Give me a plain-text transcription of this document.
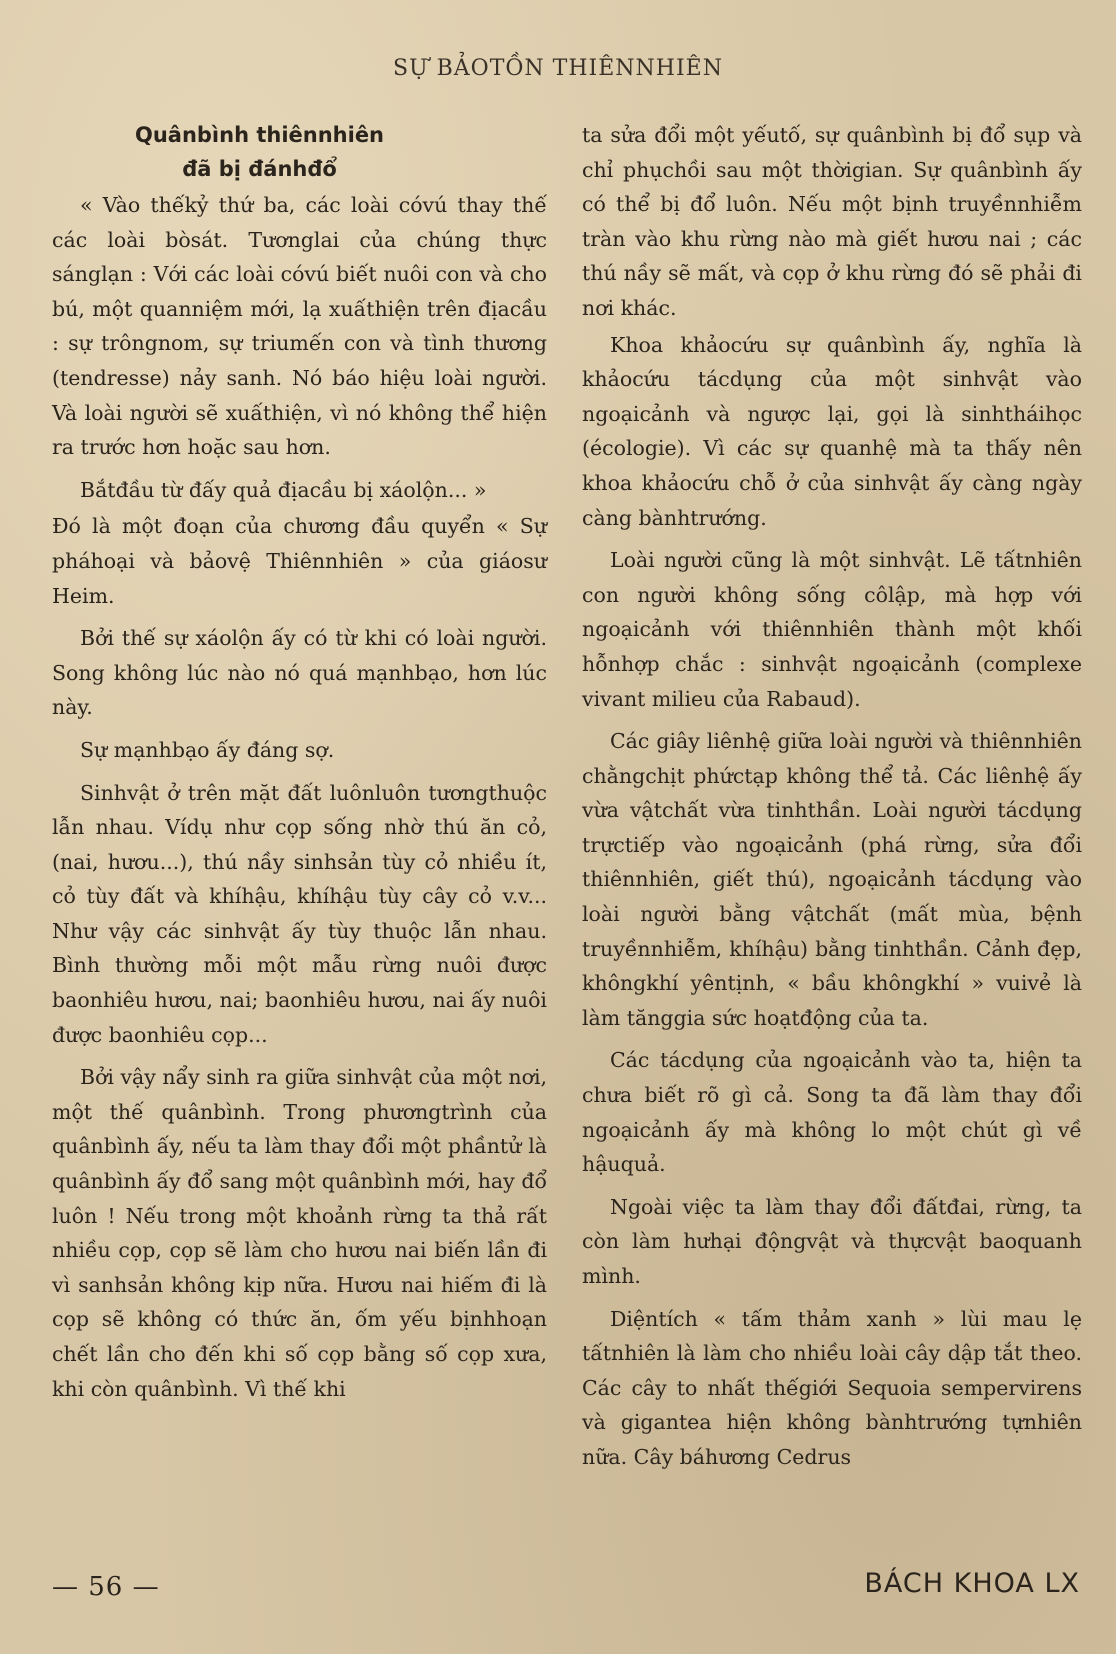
SỰ BẢOTỒN THIÊNNHIÊN
Quânbình thiênnhiên
đã bị đánhđổ

« Vào thếkỷ thứ ba, các loài cóvú thay thế các loài bòsát. Tươnglai của chúng thực sánglạn : Với các loài cóvú biết nuôi con và cho bú, một quanniệm mới, lạ xuấthiện trên địacầu : sự trôngnom, sự triumến con và tình thương (tendresse) nảy sanh. Nó báo hiệu loài người. Và loài người sẽ xuấthiện, vì nó không thể hiện ra trước hơn hoặc sau hơn.

Bắtđầu từ đấy quả địacầu bị xáolộn... »

Đó là một đoạn của chương đầu quyển « Sự pháhoại và bảovệ Thiênnhiên » của giáosư Heim.

Bởi thế sự xáolộn ấy có từ khi có loài người. Song không lúc nào nó quá mạnhbạo, hơn lúc này.

Sự mạnhbạo ấy đáng sợ.

Sinhvật ở trên mặt đất luônluôn tươngthuộc lẫn nhau. Vídụ như cọp sống nhờ thú ăn cỏ, (nai, hươu...), thú nầy sinhsản tùy cỏ nhiều ít, cỏ tùy đất và khíhậu, khíhậu tùy cây cỏ v.v... Như vậy các sinhvật ấy tùy thuộc lẫn nhau. Bình thường mỗi một mẫu rừng nuôi được baonhiêu hươu, nai; baonhiêu hươu, nai ấy nuôi được baonhiêu cọp...

Bởi vậy nẩy sinh ra giữa sinhvật của một nơi, một thế quânbình. Trong phươngtrình của quânbình ấy, nếu ta làm thay đổi một phầntử là quânbình ấy đổ sang một quânbình mới, hay đổ luôn ! Nếu trong một khoảnh rừng ta thả rất nhiều cọp, cọp sẽ làm cho hươu nai biến lần đi vì sanhsản không kịp nữa. Hươu nai hiếm đi là cọp sẽ không có thức ăn, ốm yếu bịnhhoạn chết lần cho đến khi số cọp bằng số cọp xưa, khi còn quânbình. Vì thế khi

ta sửa đổi một yếutố, sự quânbình bị đổ sụp và chỉ phụchồi sau một thờigian. Sự quânbình ấy có thể bị đổ luôn. Nếu một bịnh truyềnnhiễm tràn vào khu rừng nào mà giết hươu nai ; các thú nầy sẽ mất, và cọp ở khu rừng đó sẽ phải đi nơi khác.

Khoa khảocứu sự quânbình ấy, nghĩa là khảocứu tácdụng của một sinhvật vào ngoạicảnh và ngược lại, gọi là sinhtháihọc (écologie). Vì các sự quanhệ mà ta thấy nên khoa khảocứu chỗ ở của sinhvật ấy càng ngày càng bànhtrướng.

Loài người cũng là một sinhvật. Lẽ tấtnhiên con người không sống côlập, mà hợp với ngoạicảnh với thiênnhiên thành một khối hỗnhợp chắc : sinhvật ngoạicảnh (complexe vivant milieu của Rabaud).

Các giây liênhệ giữa loài người và thiênnhiên chằngchịt phứctạp không thể tả. Các liênhệ ấy vừa vậtchất vừa tinhthần. Loài người tácdụng trựctiếp vào ngoạicảnh (phá rừng, sửa đổi thiênnhiên, giết thú), ngoạicảnh tácdụng vào loài người bằng vậtchất (mất mùa, bệnh truyềnnhiễm, khíhậu) bằng tinhthần. Cảnh đẹp, khôngkhí yêntịnh, « bầu khôngkhí » vuivẻ là làm tănggia sức hoạtđộng của ta.

Các tácdụng của ngoạicảnh vào ta, hiện ta chưa biết rõ gì cả. Song ta đã làm thay đổi ngoạicảnh ấy mà không lo một chút gì về hậuquả.

Ngoài việc ta làm thay đổi đấtđai, rừng, ta còn làm hưhại độngvật và thựcvật baoquanh mình.

Diệntích « tấm thảm xanh » lùi mau lẹ tấtnhiên là làm cho nhiều loài cây dập tắt theo. Các cây to nhất thếgiới Sequoia sempervirens và gigantea hiện không bànhtrướng tựnhiên nữa. Cây báhương Cedrus

— 56 —	BÁCH KHOA LX
